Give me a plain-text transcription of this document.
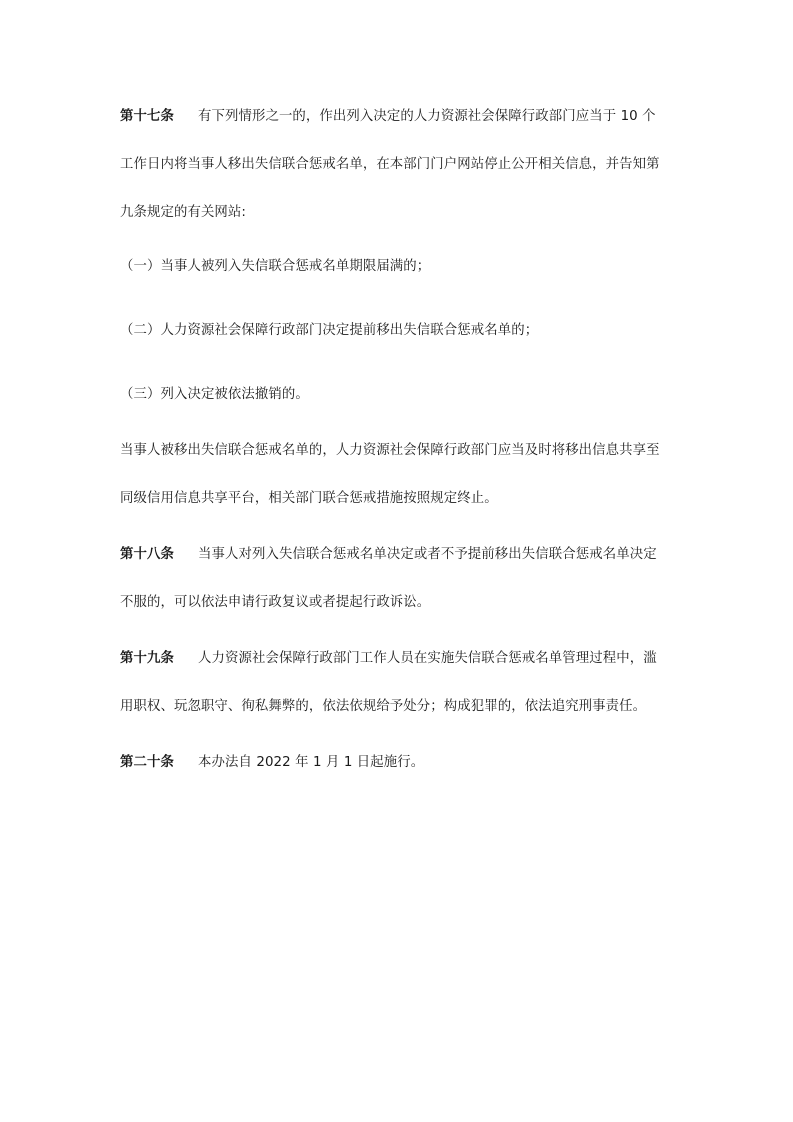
第十七条 有下列情形之一的，作出列入决定的人力资源社会保障行政部门应当于 10 个
工作日内将当事人移出失信联合惩戒名单，在本部门门户网站停止公开相关信息，并告知第
九条规定的有关网站:
（一）当事人被列入失信联合惩戒名单期限届满的；
（二）人力资源社会保障行政部门决定提前移出失信联合惩戒名单的；
（三）列入决定被依法撤销的。
当事人被移出失信联合惩戒名单的，人力资源社会保障行政部门应当及时将移出信息共享至
同级信用信息共享平台，相关部门联合惩戒措施按照规定终止。
第十八条 当事人对列入失信联合惩戒名单决定或者不予提前移出失信联合惩戒名单决定
不服的，可以依法申请行政复议或者提起行政诉讼。
第十九条 人力资源社会保障行政部门工作人员在实施失信联合惩戒名单管理过程中，滥
用职权、玩忽职守、徇私舞弊的，依法依规给予处分；构成犯罪的，依法追究刑事责任。
第二十条 本办法自 2022 年 1 月 1 日起施行。
